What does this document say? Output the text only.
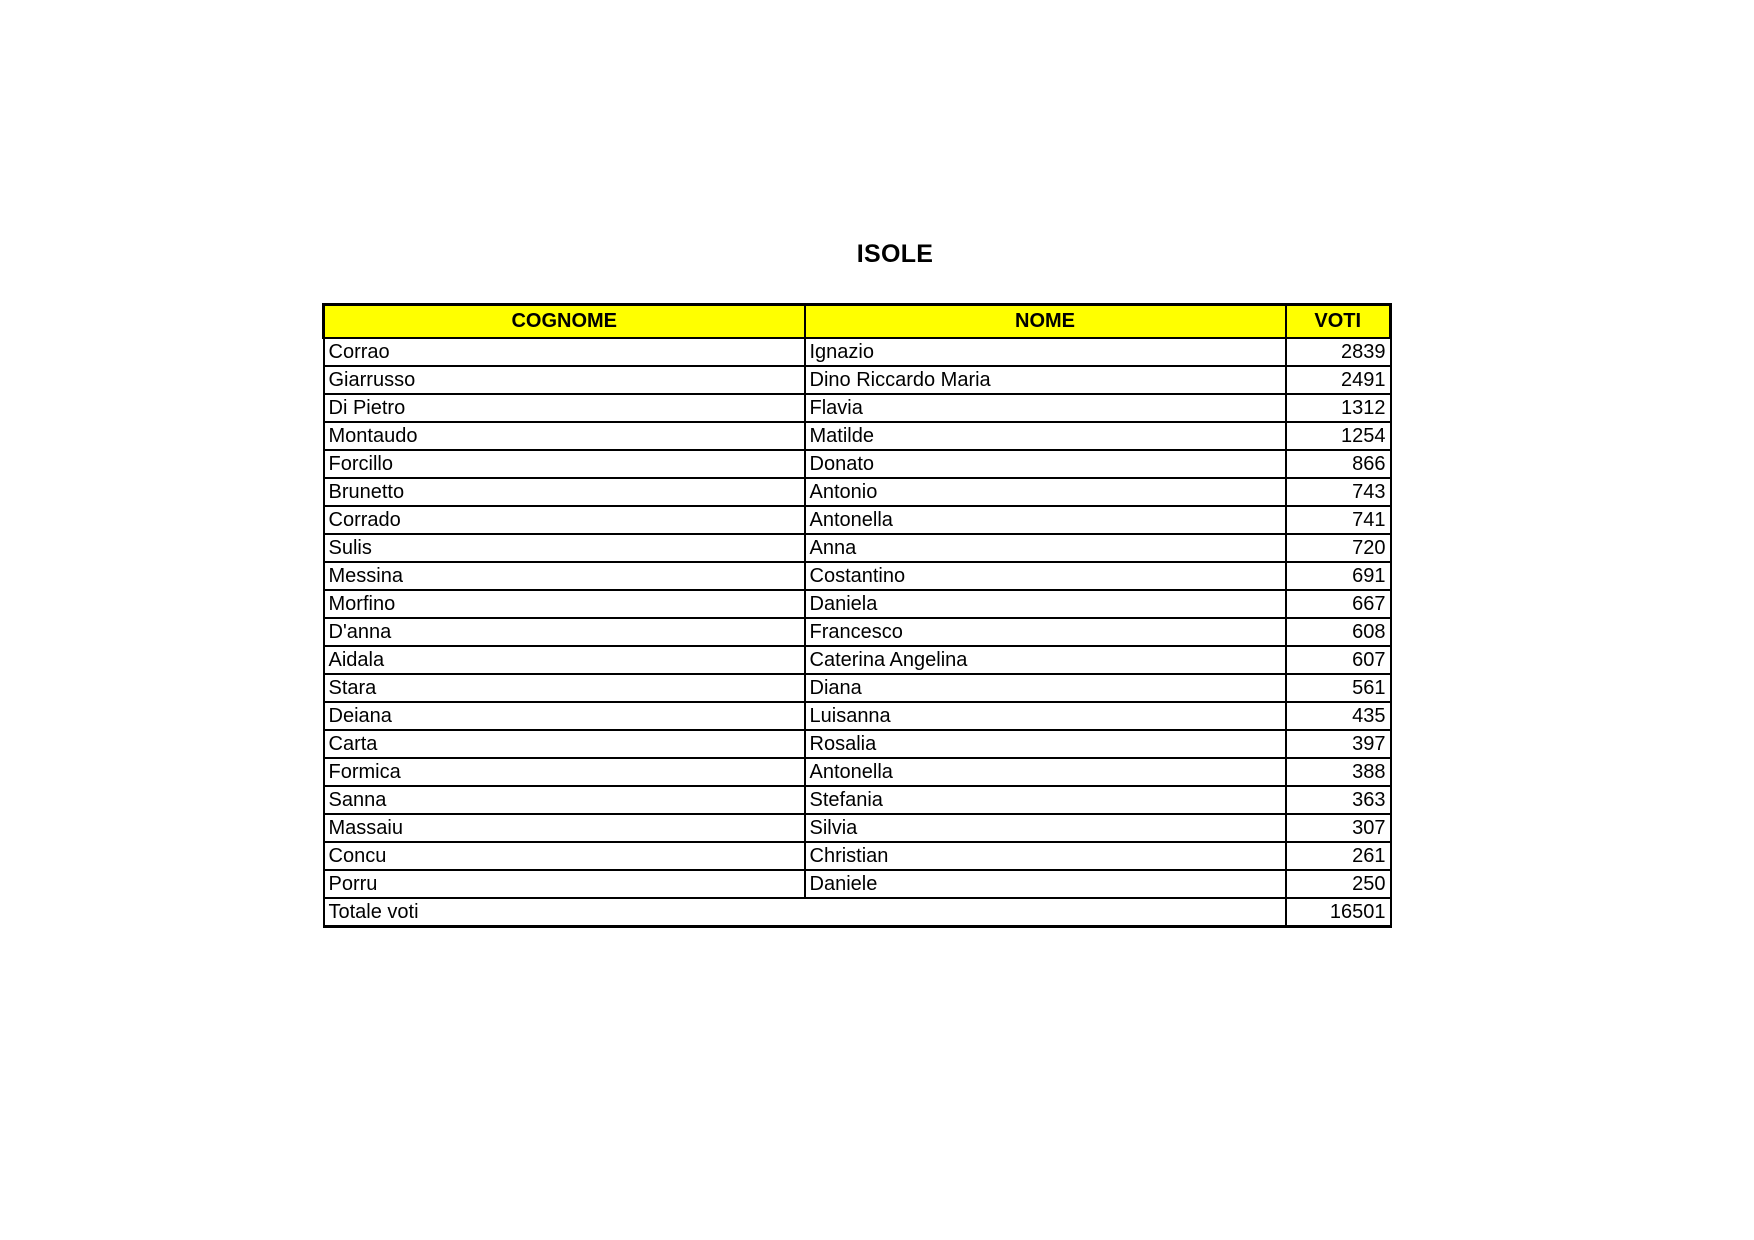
ISOLE
COGNOME	NOME	VOTI
Corrao	Ignazio	2839
Giarrusso	Dino Riccardo Maria	2491
Di Pietro	Flavia	1312
Montaudo	Matilde	1254
Forcillo	Donato	866
Brunetto	Antonio	743
Corrado	Antonella	741
Sulis	Anna	720
Messina	Costantino	691
Morfino	Daniela	667
D'anna	Francesco	608
Aidala	Caterina Angelina	607
Stara	Diana	561
Deiana	Luisanna	435
Carta	Rosalia	397
Formica	Antonella	388
Sanna	Stefania	363
Massaiu	Silvia	307
Concu	Christian	261
Porru	Daniele	250
Totale voti		16501
